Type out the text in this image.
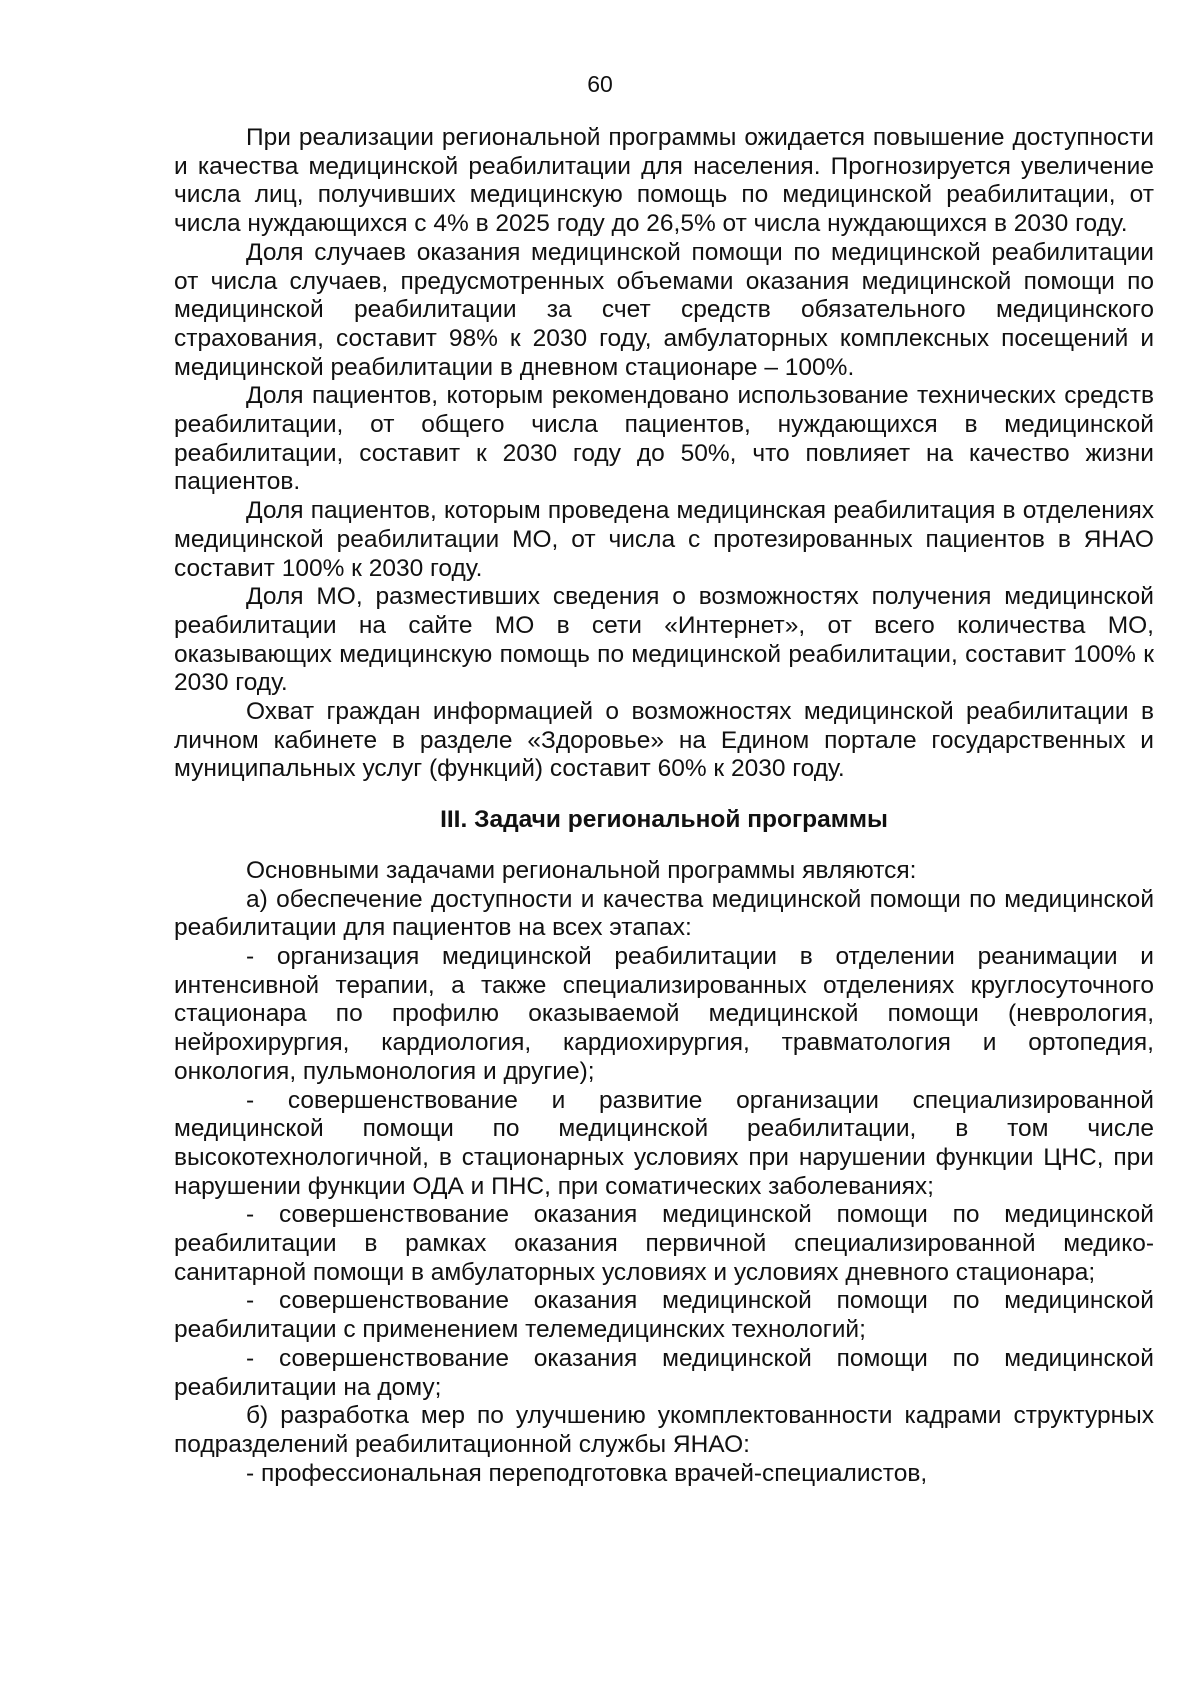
60

При реализации региональной программы ожидается повышение доступности и качества медицинской реабилитации для населения. Прогнозируется увеличение числа лиц, получивших медицинскую помощь по медицинской реабилитации, от числа нуждающихся с 4% в 2025 году до 26,5% от числа нуждающихся в 2030 году.

Доля случаев оказания медицинской помощи по медицинской реабилитации от числа случаев, предусмотренных объемами оказания медицинской помощи по медицинской реабилитации за счет средств обязательного медицинского страхования, составит 98% к 2030 году, амбулаторных комплексных посещений и медицинской реабилитации в дневном стационаре – 100%.

Доля пациентов, которым рекомендовано использование технических средств реабилитации, от общего числа пациентов, нуждающихся в медицинской реабилитации, составит к 2030 году до 50%, что повлияет на качество жизни пациентов.

Доля пациентов, которым проведена медицинская реабилитация в отделениях медицинской реабилитации МО, от числа с протезированных пациентов в ЯНАО составит 100% к 2030 году.

Доля МО, разместивших сведения о возможностях получения медицинской реабилитации на сайте МО в сети «Интернет», от всего количества МО, оказывающих медицинскую помощь по медицинской реабилитации, составит 100% к 2030 году.

Охват граждан информацией о возможностях медицинской реабилитации в личном кабинете в разделе «Здоровье» на Едином портале государственных и муниципальных услуг (функций) составит 60% к 2030 году.

III. Задачи региональной программы

Основными задачами региональной программы являются:

а) обеспечение доступности и качества медицинской помощи по медицинской реабилитации для пациентов на всех этапах:

- организация медицинской реабилитации в отделении реанимации и интенсивной терапии, а также специализированных отделениях круглосуточного стационара по профилю оказываемой медицинской помощи (неврология, нейрохирургия, кардиология, кардиохирургия, травматология и ортопедия, онкология, пульмонология и другие);

- совершенствование и развитие организации специализированной медицинской помощи по медицинской реабилитации, в том числе высокотехнологичной, в стационарных условиях при нарушении функции ЦНС, при нарушении функции ОДА и ПНС, при соматических заболеваниях;

- совершенствование оказания медицинской помощи по медицинской реабилитации в рамках оказания первичной специализированной медико-санитарной помощи в амбулаторных условиях и условиях дневного стационара;

- совершенствование оказания медицинской помощи по медицинской реабилитации с применением телемедицинских технологий;

- совершенствование оказания медицинской помощи по медицинской реабилитации на дому;

б) разработка мер по улучшению укомплектованности кадрами структурных подразделений реабилитационной службы ЯНАО:

- профессиональная переподготовка врачей-специалистов,
